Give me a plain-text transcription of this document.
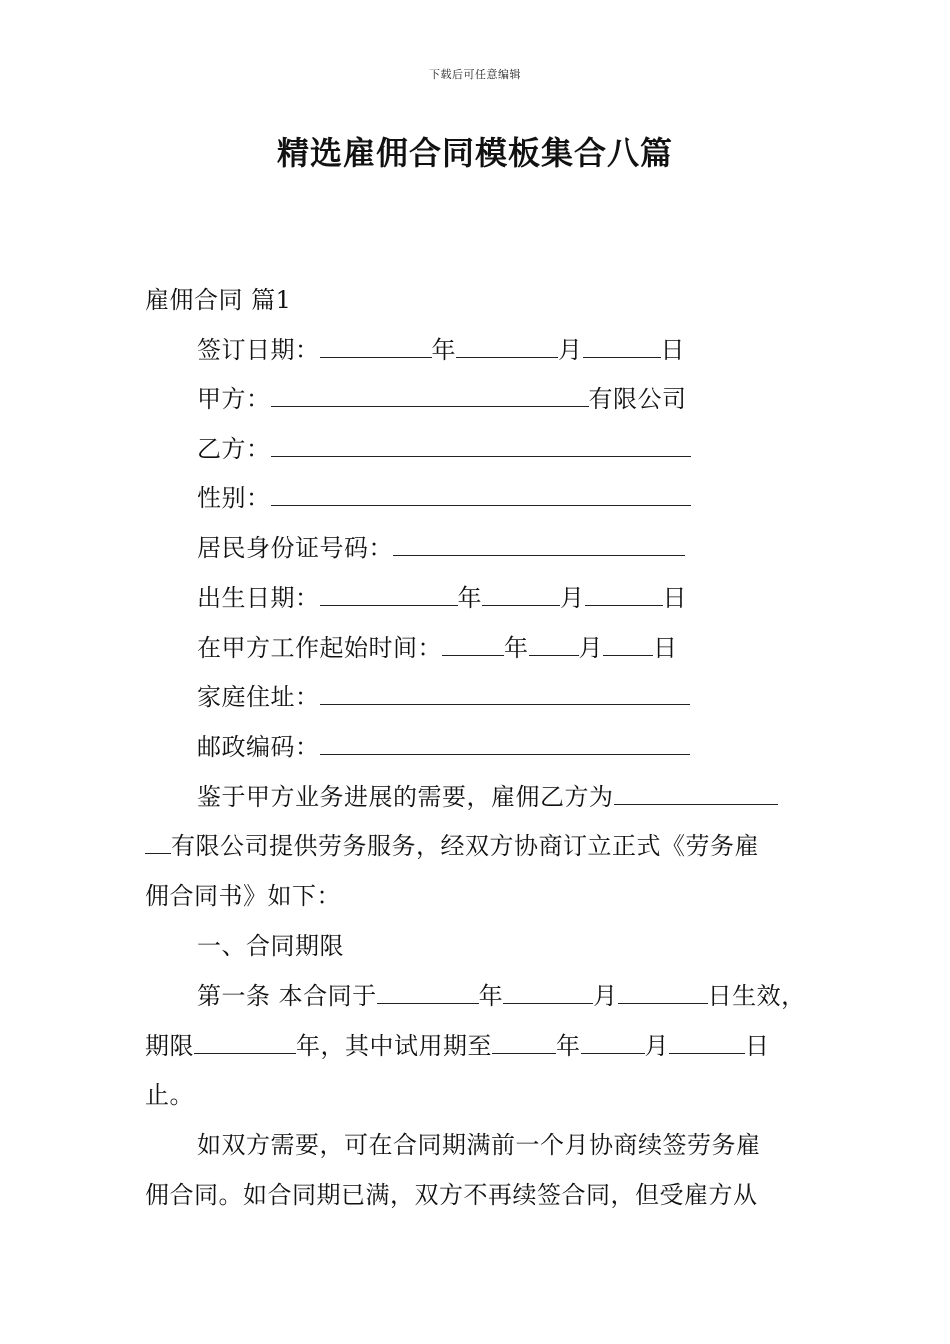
下载后可任意编辑
精选雇佣合同模板集合八篇
雇佣合同 篇1
签订日期：	年	月	日
甲方：	有限公司
乙方：
性别：
居民身份证号码：
出生日期：	年	月	日
在甲方工作起始时间：	年 月 日
家庭住址：
邮政编码：
鉴于甲方业务进展的需要，雇佣乙方为
有限公司提供劳务服务，经双方协商订立正式《劳务雇
佣合同书》如下：
一、合同期限
第一条 本合同于	年	月	日生效，
期限	年，其中试用期至	年	月	日
止。
如双方需要，可在合同期满前一个月协商续签劳务雇
佣合同。如合同期已满，双方不再续签合同，但受雇方从
